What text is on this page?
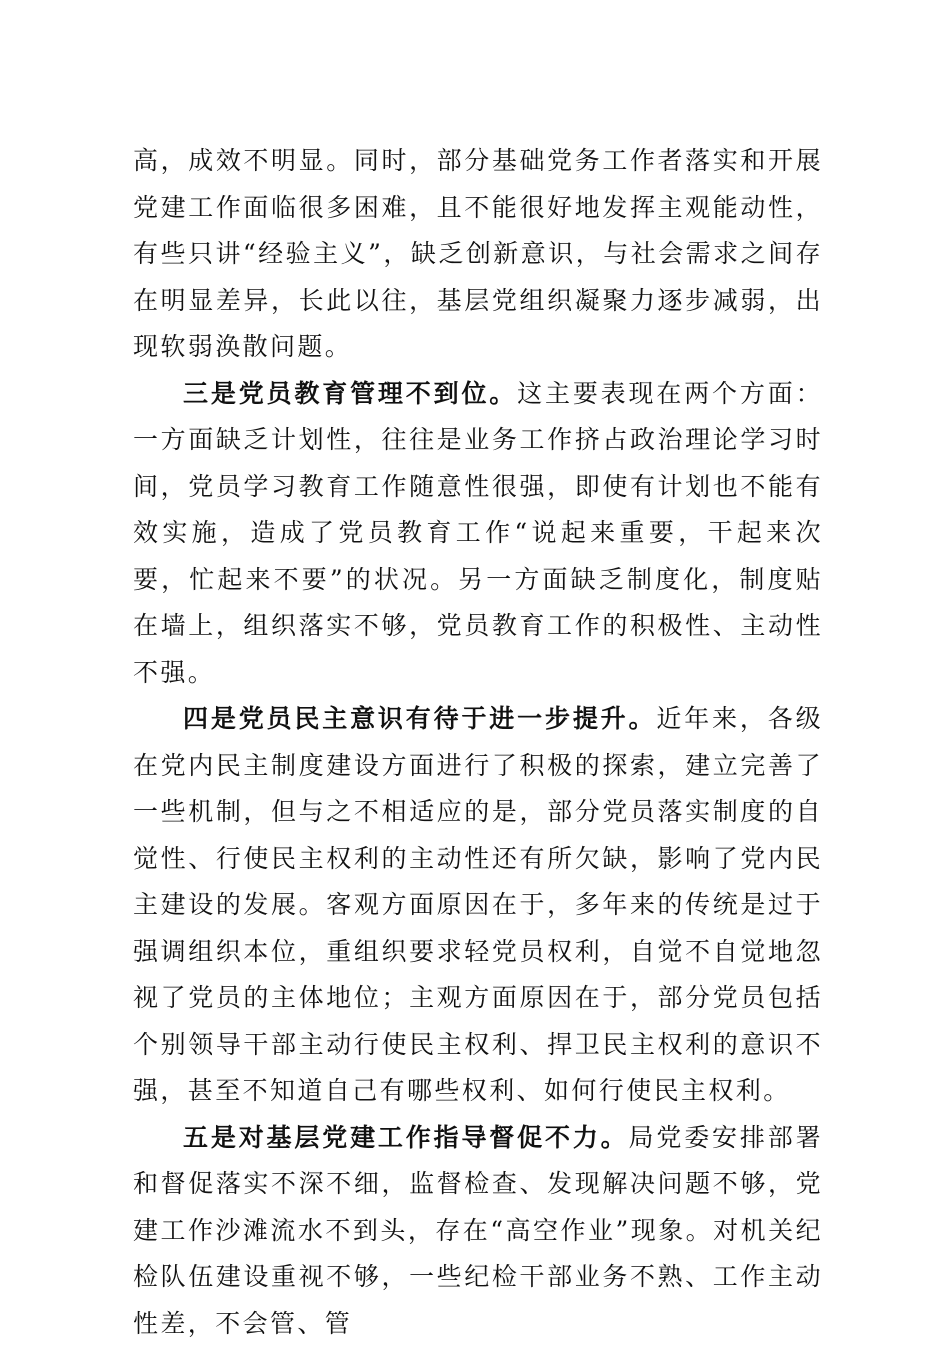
高，成效不明显。同时，部分基础党务工作者落实和开展党建工作面临很多困难，且不能很好地发挥主观能动性，有些只讲“经验主义”，缺乏创新意识，与社会需求之间存在明显差异，长此以往，基层党组织凝聚力逐步减弱，出现软弱涣散问题。

三是党员教育管理不到位。这主要表现在两个方面：一方面缺乏计划性，往往是业务工作挤占政治理论学习时间，党员学习教育工作随意性很强，即使有计划也不能有效实施，造成了党员教育工作“说起来重要，干起来次要，忙起来不要”的状况。另一方面缺乏制度化，制度贴在墙上，组织落实不够，党员教育工作的积极性、主动性不强。

四是党员民主意识有待于进一步提升。近年来，各级在党内民主制度建设方面进行了积极的探索，建立完善了一些机制，但与之不相适应的是，部分党员落实制度的自觉性、行使民主权利的主动性还有所欠缺，影响了党内民主建设的发展。客观方面原因在于，多年来的传统是过于强调组织本位，重组织要求轻党员权利，自觉不自觉地忽视了党员的主体地位；主观方面原因在于，部分党员包括个别领导干部主动行使民主权利、捍卫民主权利的意识不强，甚至不知道自己有哪些权利、如何行使民主权利。

五是对基层党建工作指导督促不力。局党委安排部署和督促落实不深不细，监督检查、发现解决问题不够，党建工作沙滩流水不到头，存在“高空作业”现象。对机关纪检队伍建设重视不够，一些纪检干部业务不熟、工作主动性差，不会管、管
